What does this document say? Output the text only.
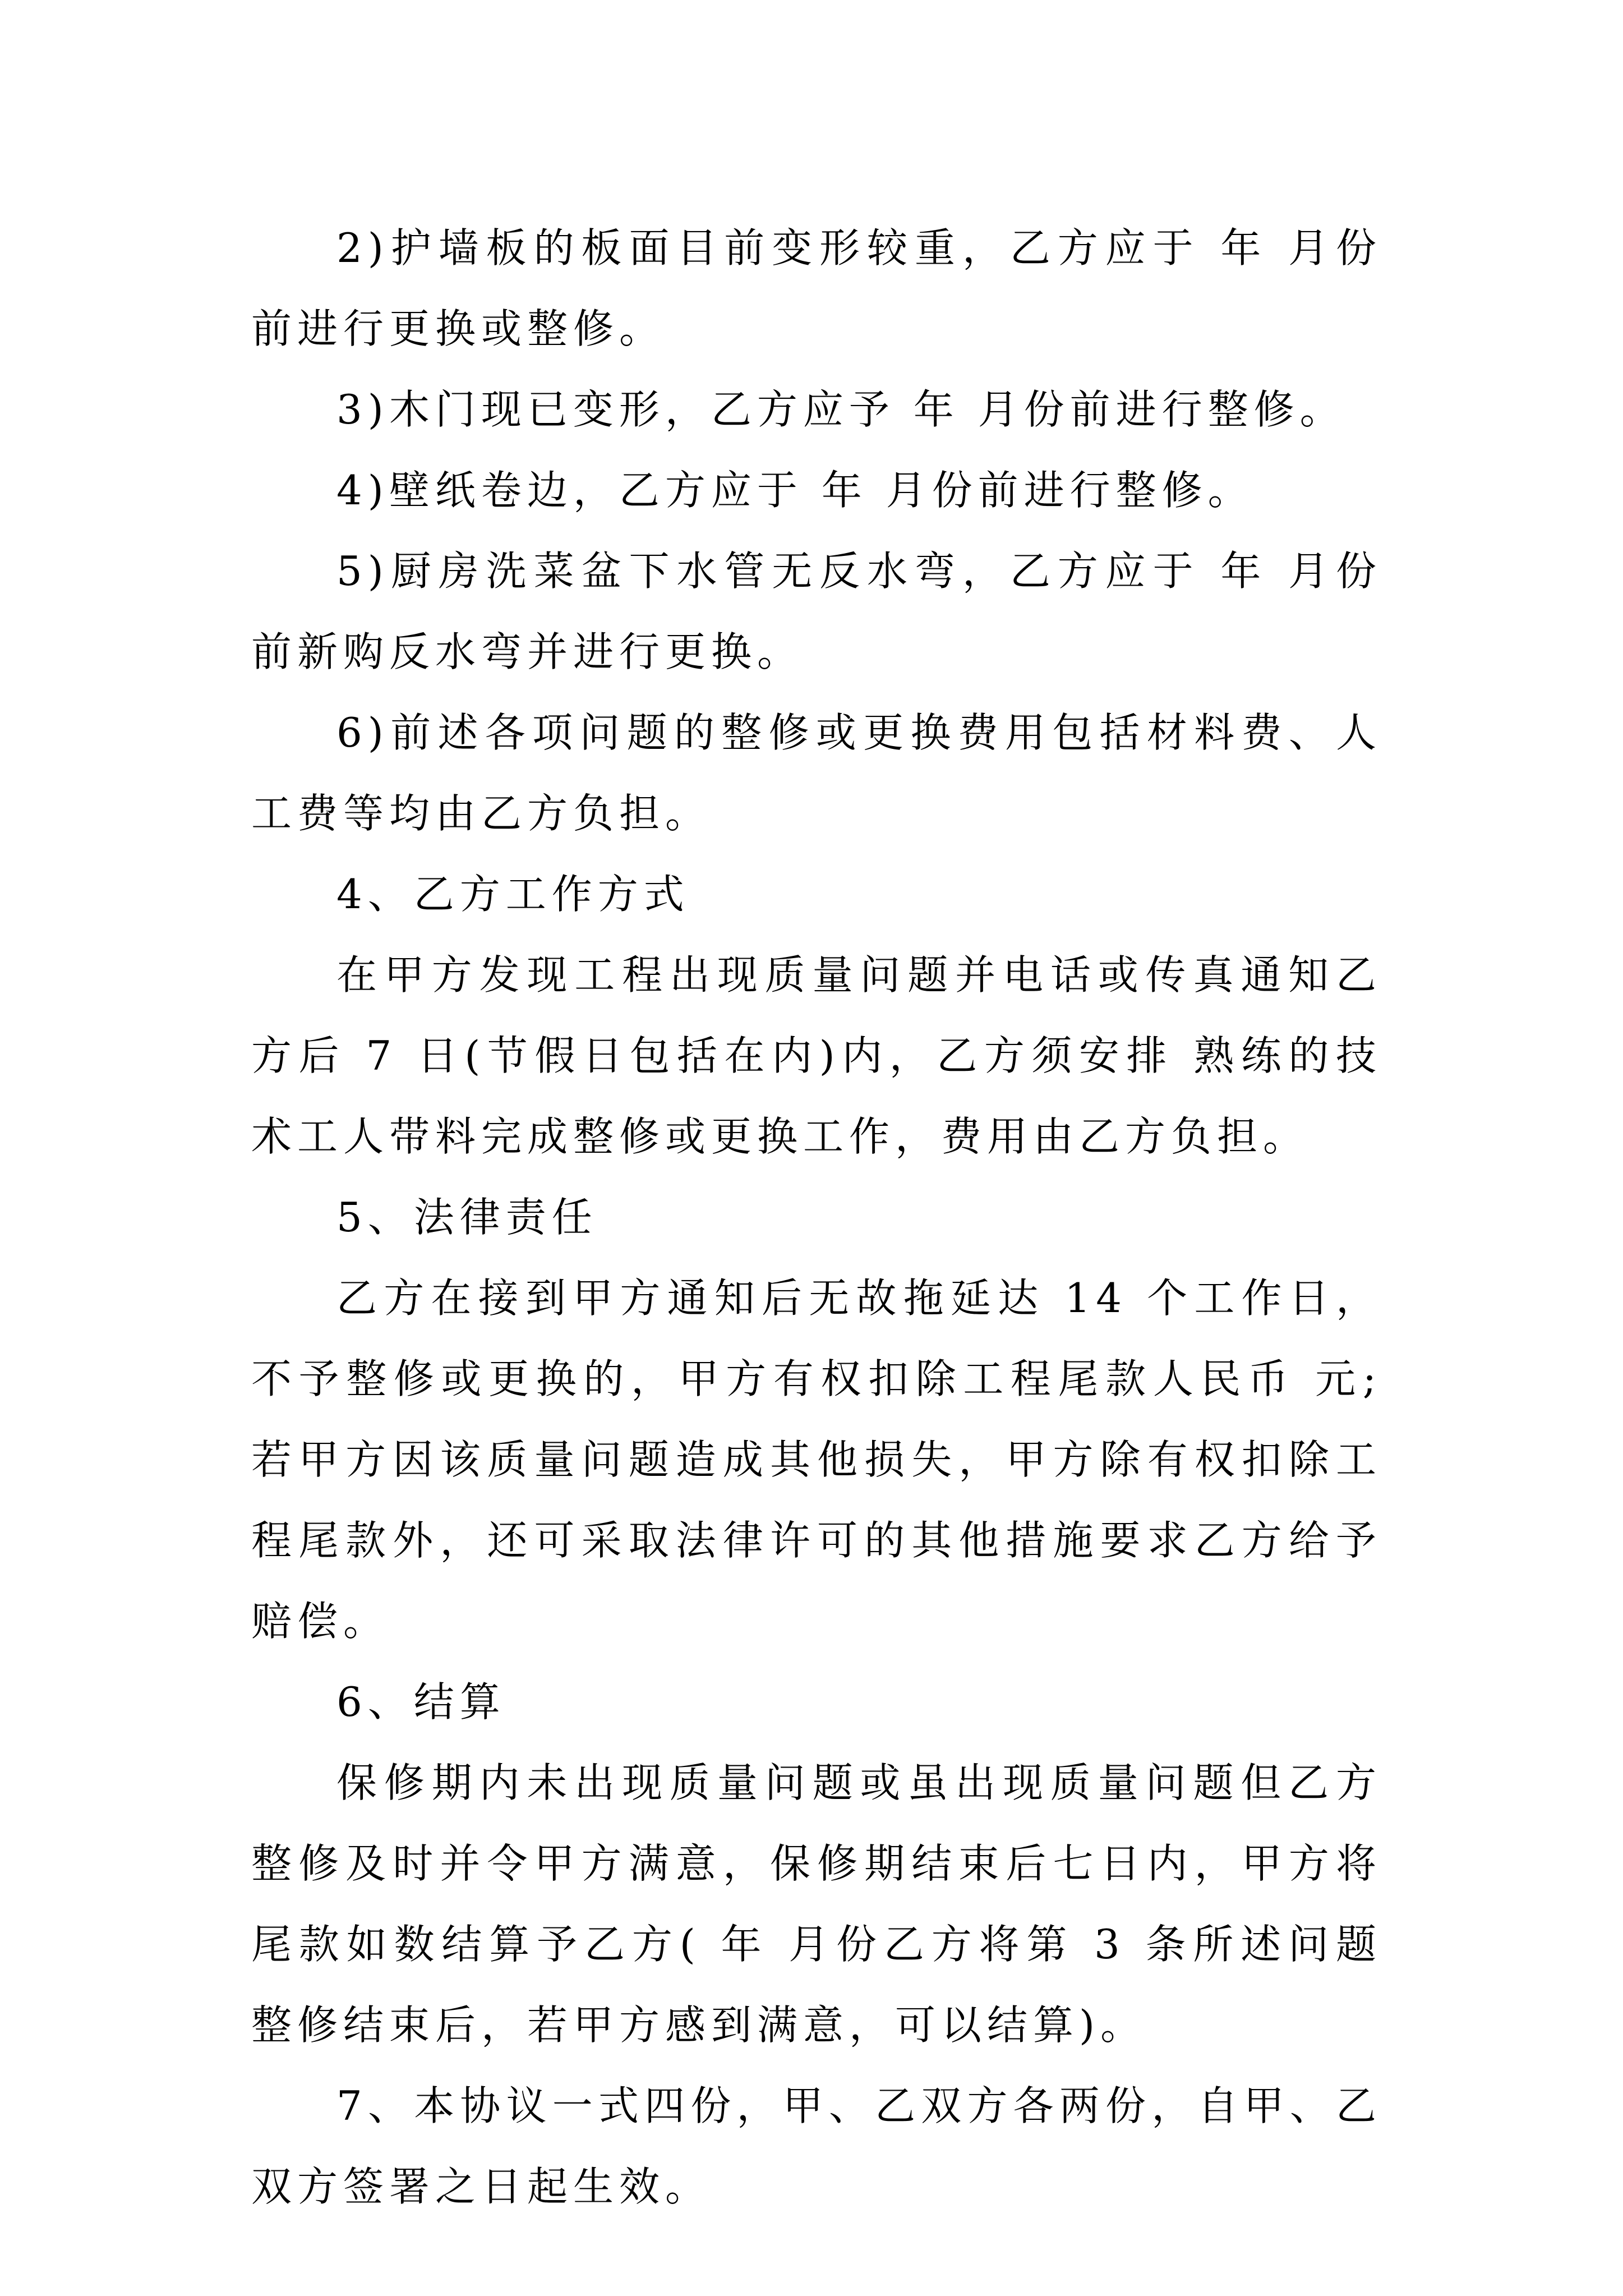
2)护墙板的板面目前变形较重，乙方应于 年 月份前进行更换或整修。

3)木门现已变形，乙方应予 年 月份前进行整修。

4)壁纸卷边，乙方应于 年 月份前进行整修。

5)厨房洗菜盆下水管无反水弯，乙方应于 年 月份前新购反水弯并进行更换。

6)前述各项问题的整修或更换费用包括材料费、人工费等均由乙方负担。

4、乙方工作方式

在甲方发现工程出现质量问题并电话或传真通知乙方后 7 日(节假日包括在内)内，乙方须安排 熟练的技术工人带料完成整修或更换工作，费用由乙方负担。

5、法律责任

乙方在接到甲方通知后无故拖延达 14 个工作日，不予整修或更换的，甲方有权扣除工程尾款人民币 元;若甲方因该质量问题造成其他损失，甲方除有权扣除工程尾款外，还可采取法律许可的其他措施要求乙方给予赔偿。

6、结算

保修期内未出现质量问题或虽出现质量问题但乙方整修及时并令甲方满意，保修期结束后七日内，甲方将尾款如数结算予乙方( 年 月份乙方将第 3 条所述问题整修结束后，若甲方感到满意，可以结算)。

7、本协议一式四份，甲、乙双方各两份，自甲、乙双方签署之日起生效。
